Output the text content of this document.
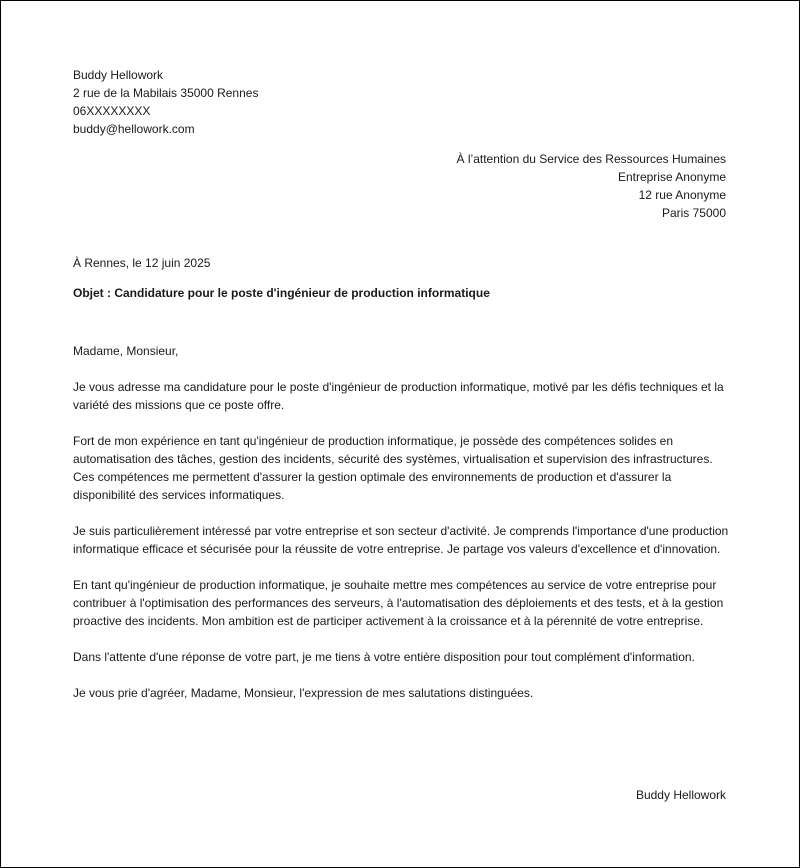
Buddy Hellowork
2 rue de la Mabilais 35000 Rennes
06XXXXXXXX
buddy@hellowork.com
À l’attention du Service des Ressources Humaines
Entreprise Anonyme
12 rue Anonyme
Paris 75000
À Rennes, le 12 juin 2025
Objet : Candidature pour le poste d'ingénieur de production informatique

Madame, Monsieur,

Je vous adresse ma candidature pour le poste d'ingénieur de production informatique, motivé par les défis techniques et la variété des missions que ce poste offre.

Fort de mon expérience en tant qu'ingénieur de production informatique, je possède des compétences solides en automatisation des tâches, gestion des incidents, sécurité des systèmes, virtualisation et supervision des infrastructures. Ces compétences me permettent d'assurer la gestion optimale des environnements de production et d'assurer la disponibilité des services informatiques.

Je suis particulièrement intéressé par votre entreprise et son secteur d'activité. Je comprends l'importance d'une production informatique efficace et sécurisée pour la réussite de votre entreprise. Je partage vos valeurs d'excellence et d'innovation.

En tant qu'ingénieur de production informatique, je souhaite mettre mes compétences au service de votre entreprise pour contribuer à l'optimisation des performances des serveurs, à l'automatisation des déploiements et des tests, et à la gestion proactive des incidents. Mon ambition est de participer activement à la croissance et à la pérennité de votre entreprise.

Dans l'attente d'une réponse de votre part, je me tiens à votre entière disposition pour tout complément d'information.

Je vous prie d'agréer, Madame, Monsieur, l'expression de mes salutations distinguées.

Buddy Hellowork
